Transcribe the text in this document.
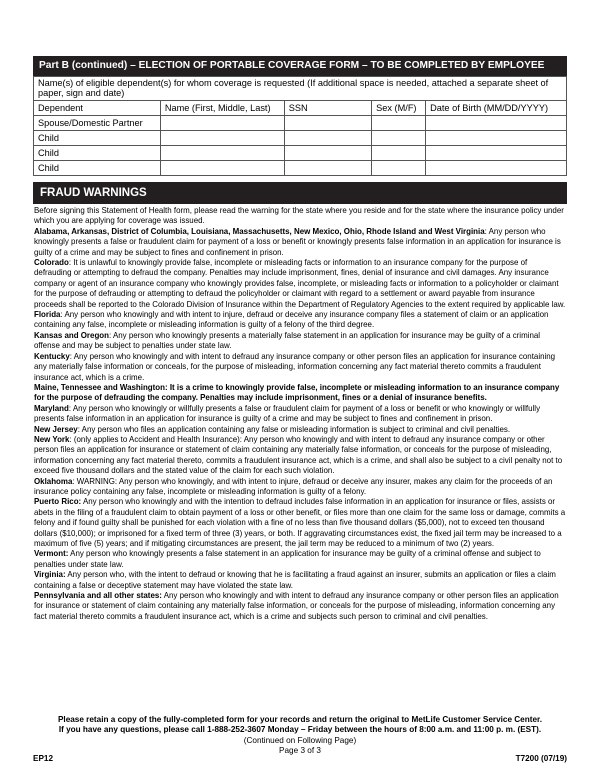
Part B (continued) – ELECTION OF PORTABLE COVERAGE FORM – TO BE COMPLETED BY EMPLOYEE
Name(s) of eligible dependent(s) for whom coverage is requested (If additional space is needed, attached a separate sheet of paper, sign and date)				
Dependent	Name (First, Middle, Last)	SSN	Sex (M/F)	Date of Birth (MM/DD/YYYY)
Spouse/Domestic Partner				
Child				
Child				
Child				
FRAUD WARNINGS

Before signing this Statement of Health form, please read the warning for the state where you reside and for the state where the insurance policy under which you are applying for coverage was issued.

Alabama, Arkansas, District of Columbia, Louisiana, Massachusetts, New Mexico, Ohio, Rhode Island and West Virginia: Any person who knowingly presents a false or fraudulent claim for payment of a loss or benefit or knowingly presents false information in an application for insurance is guilty of a crime and may be subject to fines and confinement in prison.

Colorado: It is unlawful to knowingly provide false, incomplete or misleading facts or information to an insurance company for the purpose of defrauding or attempting to defraud the company. Penalties may include imprisonment, fines, denial of insurance and civil damages. Any insurance company or agent of an insurance company who knowingly provides false, incomplete, or misleading facts or information to a policyholder or claimant for the purpose of defrauding or attempting to defraud the policyholder or claimant with regard to a settlement or award payable from insurance proceeds shall be reported to the Colorado Division of Insurance within the Department of Regulatory Agencies to the extent required by applicable law.

Florida: Any person who knowingly and with intent to injure, defraud or deceive any insurance company files a statement of claim or an application containing any false, incomplete or misleading information is guilty of a felony of the third degree.

Kansas and Oregon: Any person who knowingly presents a materially false statement in an application for insurance may be guilty of a criminal offense and may be subject to penalties under state law.

Kentucky: Any person who knowingly and with intent to defraud any insurance company or other person files an application for insurance containing any materially false information or conceals, for the purpose of misleading, information concerning any fact material thereto commits a fraudulent insurance act, which is a crime.

Maine, Tennessee and Washington: It is a crime to knowingly provide false, incomplete or misleading information to an insurance company for the purpose of defrauding the company. Penalties may include imprisonment, fines or a denial of insurance benefits.

Maryland: Any person who knowingly or willfully presents a false or fraudulent claim for payment of a loss or benefit or who knowingly or willfully presents false information in an application for insurance is guilty of a crime and may be subject to fines and confinement in prison.

New Jersey: Any person who files an application containing any false or misleading information is subject to criminal and civil penalties.

New York: (only applies to Accident and Health Insurance): Any person who knowingly and with intent to defraud any insurance company or other person files an application for insurance or statement of claim containing any materially false information, or conceals for the purpose of misleading, information concerning any fact material thereto, commits a fraudulent insurance act, which is a crime, and shall also be subject to a civil penalty not to exceed five thousand dollars and the stated value of the claim for each such violation.

Oklahoma: WARNING: Any person who knowingly, and with intent to injure, defraud or deceive any insurer, makes any claim for the proceeds of an insurance policy containing any false, incomplete or misleading information is guilty of a felony.

Puerto Rico: Any person who knowingly and with the intention to defraud includes false information in an application for insurance or files, assists or abets in the filing of a fraudulent claim to obtain payment of a loss or other benefit, or files more than one claim for the same loss or damage, commits a felony and if found guilty shall be punished for each violation with a fine of no less than five thousand dollars ($5,000), not to exceed ten thousand dollars ($10,000); or imprisoned for a fixed term of three (3) years, or both. If aggravating circumstances exist, the fixed jail term may be increased to a maximum of five (5) years; and if mitigating circumstances are present, the jail term may be reduced to a minimum of two (2) years.

Vermont: Any person who knowingly presents a false statement in an application for insurance may be guilty of a criminal offense and subject to penalties under state law.

Virginia: Any person who, with the intent to defraud or knowing that he is facilitating a fraud against an insurer, submits an application or files a claim containing a false or deceptive statement may have violated the state law.

Pennsylvania and all other states: Any person who knowingly and with intent to defraud any insurance company or other person files an application for insurance or statement of claim containing any materially false information, or conceals for the purpose of misleading, information concerning any fact material thereto commits a fraudulent insurance act, which is a crime and subjects such person to criminal and civil penalties.

Please retain a copy of the fully-completed form for your records and return the original to MetLife Customer Service Center.
If you have any questions, please call 1-888-252-3607 Monday – Friday between the hours of 8:00 a.m. and 11:00 p. m. (EST).
(Continued on Following Page)
Page 3 of 3
EP12	T7200 (07/19)
